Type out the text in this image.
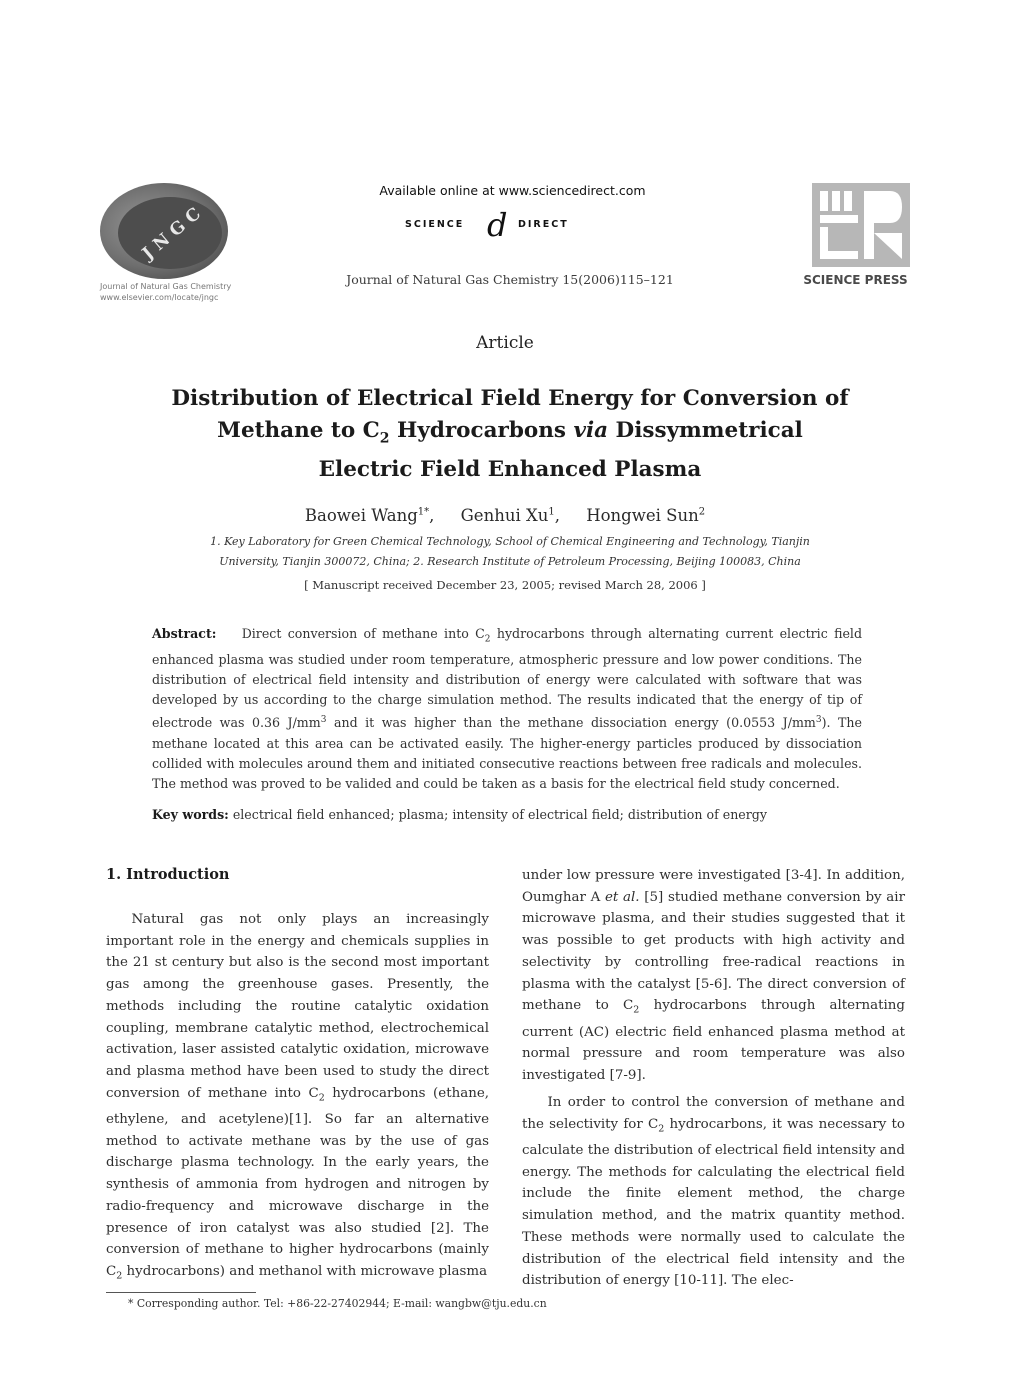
JNGC
Journal of Natural Gas Chemistry
www.elsevier.com/locate/jngc
Available online at www.sciencedirect.com
SCIENCE d DIRECT
Journal of Natural Gas Chemistry 15(2006)115–121	SCIENCE PRESS
Article
Distribution of Electrical Field Energy for Conversion of
Methane to $C_2$ Hydrocarbons via Dissymmetrical
Electric Field Enhanced Plasma
Baowei Wang$^{1*}$,     Genhui Xu$^1$,     Hongwei Sun$^2$
1. Key Laboratory for Green Chemical Technology, School of Chemical Engineering and Technology, Tianjin
University, Tianjin 300072, China; 2. Research Institute of Petroleum Processing, Beijing 100083, China
[ Manuscript received December 23, 2005; revised March 28, 2006 ]
Abstract: Direct conversion of methane into $C_2$ hydrocarbons through alternating current electric field enhanced plasma was studied under room temperature, atmospheric pressure and low power conditions. The distribution of electrical field intensity and distribution of energy were calculated with software that was developed by us according to the charge simulation method. The results indicated that the energy of tip of electrode was 0.36 $J/mm^3$ and it was higher than the methane dissociation energy (0.0553 $J/mm^3$). The methane located at this area can be activated easily. The higher-energy particles produced by dissociation collided with molecules around them and initiated consecutive reactions between free radicals and molecules. The method was proved to be valided and could be taken as a basis for the electrical field study concerned.
Key words: electrical field enhanced; plasma; intensity of electrical field; distribution of energy
1. Introduction
Natural gas not only plays an increasingly important role in the energy and chemicals supplies in the 21 st century but also is the second most important gas among the greenhouse gases. Presently, the methods including the routine catalytic oxidation coupling, membrane catalytic method, electrochemical activation, laser assisted catalytic oxidation, microwave and plasma method have been used to study the direct conversion of methane into $C_2$ hydrocarbons (ethane, ethylene, and acetylene)[1]. So far an alternative method to activate methane was by the use of gas discharge plasma technology. In the early years, the synthesis of ammonia from hydrogen and nitrogen by radio-frequency and microwave discharge in the presence of iron catalyst was also studied [2]. The conversion of methane to higher hydrocarbons (mainly $C_2$ hydrocarbons) and methanol with microwave plasma
under low pressure were investigated [3-4]. In addition, Oumghar A et al. [5] studied methane conversion by air microwave plasma, and their studies suggested that it was possible to get products with high activity and selectivity by controlling free-radical reactions in plasma with the catalyst [5-6]. The direct conversion of methane to $C_2$ hydrocarbons through alternating current (AC) electric field enhanced plasma method at normal pressure and room temperature was also investigated [7-9].
In order to control the conversion of methane and the selectivity for $C_2$ hydrocarbons, it was necessary to calculate the distribution of electrical field intensity and energy. The methods for calculating the electrical field include the finite element method, the charge simulation method, and the matrix quantity method. These methods were normally used to calculate the distribution of the electrical field intensity and the distribution of energy [10-11]. The elec-
* Corresponding author. Tel: +86-22-27402944; E-mail: wangbw@tju.edu.cn
